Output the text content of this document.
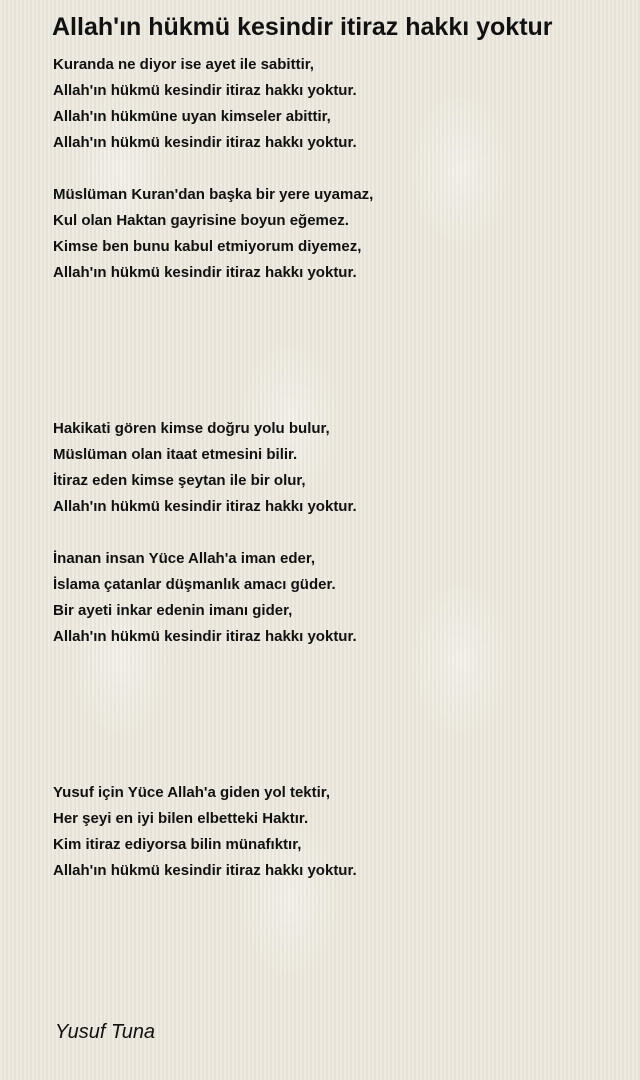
Allah'ın hükmü kesindir itiraz hakkı yoktur
Kuranda ne diyor ise ayet ile sabittir,
Allah'ın hükmü kesindir itiraz hakkı yoktur.
Allah'ın hükmüne uyan kimseler abittir,
Allah'ın hükmü kesindir itiraz hakkı yoktur.
Müslüman Kuran'dan başka bir yere uyamaz,
Kul olan Haktan gayrisine boyun eğemez.
Kimse ben bunu kabul etmiyorum diyemez,
Allah'ın hükmü kesindir itiraz hakkı yoktur.
Hakikati gören kimse doğru yolu bulur,
Müslüman olan itaat etmesini bilir.
İtiraz eden kimse şeytan ile bir olur,
Allah'ın hükmü kesindir itiraz hakkı yoktur.
İnanan insan Yüce Allah'a iman eder,
İslama çatanlar düşmanlık amacı güder.
Bir ayeti inkar edenin imanı gider,
Allah'ın hükmü kesindir itiraz hakkı yoktur.
Yusuf için Yüce Allah'a giden yol tektir,
Her şeyi en iyi bilen elbetteki Haktır.
Kim itiraz ediyorsa bilin münafıktır,
Allah'ın hükmü kesindir itiraz hakkı yoktur.
Yusuf Tuna
